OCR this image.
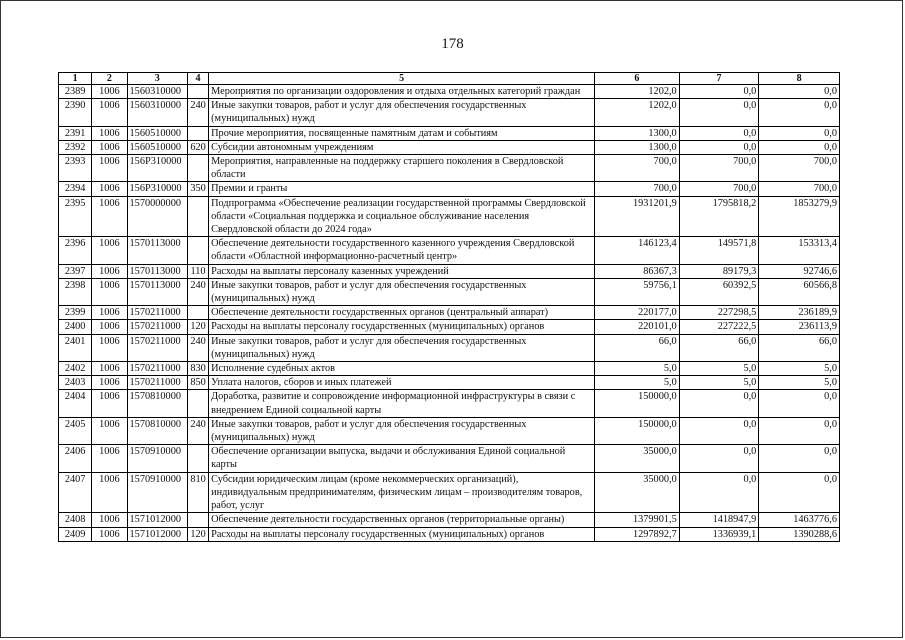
178
1	2	3	4	5	6	7	8
2389	1006	1560310000		Мероприятия по организации оздоровления и отдыха отдельных категорий граждан	1202,0	0,0	0,0
2390	1006	1560310000	240	Иные закупки товаров, работ и услуг для обеспечения государственных (муниципальных) нужд	1202,0	0,0	0,0
2391	1006	1560510000		Прочие мероприятия, посвященные памятным датам и событиям	1300,0	0,0	0,0
2392	1006	1560510000	620	Субсидии автономным учреждениям	1300,0	0,0	0,0
2393	1006	156P310000		Мероприятия, направленные на поддержку старшего поколения в Свердловской области	700,0	700,0	700,0
2394	1006	156P310000	350	Премии и гранты	700,0	700,0	700,0
2395	1006	1570000000		Подпрограмма «Обеспечение реализации государственной программы Свердловской области «Социальная поддержка и социальное обслуживание населения Свердловской области до 2024 года»	1931201,9	1795818,2	1853279,9
2396	1006	1570113000		Обеспечение деятельности государственного казенного учреждения Свердловской области «Областной информационно-расчетный центр»	146123,4	149571,8	153313,4
2397	1006	1570113000	110	Расходы на выплаты персоналу казенных учреждений	86367,3	89179,3	92746,6
2398	1006	1570113000	240	Иные закупки товаров, работ и услуг для обеспечения государственных (муниципальных) нужд	59756,1	60392,5	60566,8
2399	1006	1570211000		Обеспечение деятельности государственных органов (центральный аппарат)	220177,0	227298,5	236189,9
2400	1006	1570211000	120	Расходы на выплаты персоналу государственных (муниципальных) органов	220101,0	227222,5	236113,9
2401	1006	1570211000	240	Иные закупки товаров, работ и услуг для обеспечения государственных (муниципальных) нужд	66,0	66,0	66,0
2402	1006	1570211000	830	Исполнение судебных актов	5,0	5,0	5,0
2403	1006	1570211000	850	Уплата налогов, сборов и иных платежей	5,0	5,0	5,0
2404	1006	1570810000		Доработка, развитие и сопровождение информационной инфраструктуры в связи с внедрением Единой социальной карты	150000,0	0,0	0,0
2405	1006	1570810000	240	Иные закупки товаров, работ и услуг для обеспечения государственных (муниципальных) нужд	150000,0	0,0	0,0
2406	1006	1570910000		Обеспечение организации выпуска, выдачи и обслуживания Единой социальной карты	35000,0	0,0	0,0
2407	1006	1570910000	810	Субсидии юридическим лицам (кроме некоммерческих организаций), индивидуальным предпринимателям, физическим лицам – производителям товаров, работ, услуг	35000,0	0,0	0,0
2408	1006	1571012000		Обеспечение деятельности государственных органов (территориальные органы)	1379901,5	1418947,9	1463776,6
2409	1006	1571012000	120	Расходы на выплаты персоналу государственных (муниципальных) органов	1297892,7	1336939,1	1390288,6
